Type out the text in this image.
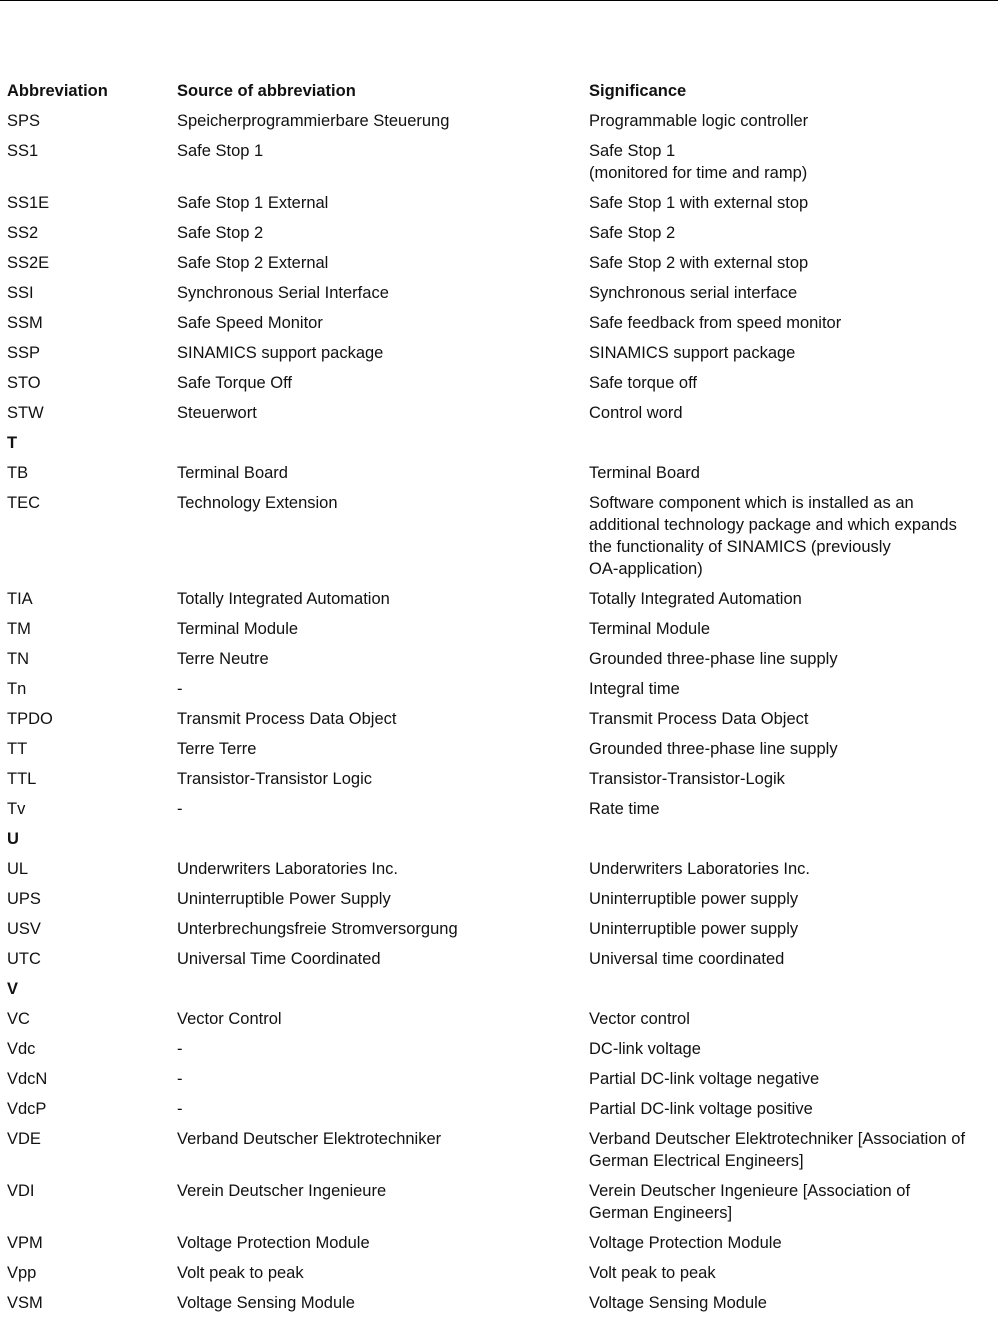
Abbreviation	Source of abbreviation	Significance
SPS	Speicherprogrammierbare Steuerung	Programmable logic controller
SS1	Safe Stop 1	Safe Stop 1
(monitored for time and ramp)
SS1E	Safe Stop 1 External	Safe Stop 1 with external stop
SS2	Safe Stop 2	Safe Stop 2
SS2E	Safe Stop 2 External	Safe Stop 2 with external stop
SSI	Synchronous Serial Interface	Synchronous serial interface
SSM	Safe Speed Monitor	Safe feedback from speed monitor
SSP	SINAMICS support package	SINAMICS support package
STO	Safe Torque Off	Safe torque off
STW	Steuerwort	Control word
T
TB	Terminal Board	Terminal Board
TEC	Technology Extension	Software component which is installed as an
additional technology package and which expands
the functionality of SINAMICS (previously
OA-application)
TIA	Totally Integrated Automation	Totally Integrated Automation
TM	Terminal Module	Terminal Module
TN	Terre Neutre	Grounded three-phase line supply
Tn	-	Integral time
TPDO	Transmit Process Data Object	Transmit Process Data Object
TT	Terre Terre	Grounded three-phase line supply
TTL	Transistor-Transistor Logic	Transistor-Transistor-Logik
Tv	-	Rate time
U
UL	Underwriters Laboratories Inc.	Underwriters Laboratories Inc.
UPS	Uninterruptible Power Supply	Uninterruptible power supply
USV	Unterbrechungsfreie Stromversorgung	Uninterruptible power supply
UTC	Universal Time Coordinated	Universal time coordinated
V
VC	Vector Control	Vector control
Vdc	-	DC-link voltage
VdcN	-	Partial DC-link voltage negative
VdcP	-	Partial DC-link voltage positive
VDE	Verband Deutscher Elektrotechniker	Verband Deutscher Elektrotechniker [Association of
German Electrical Engineers]
VDI	Verein Deutscher Ingenieure	Verein Deutscher Ingenieure [Association of
German Engineers]
VPM	Voltage Protection Module	Voltage Protection Module
Vpp	Volt peak to peak	Volt peak to peak
VSM	Voltage Sensing Module	Voltage Sensing Module
